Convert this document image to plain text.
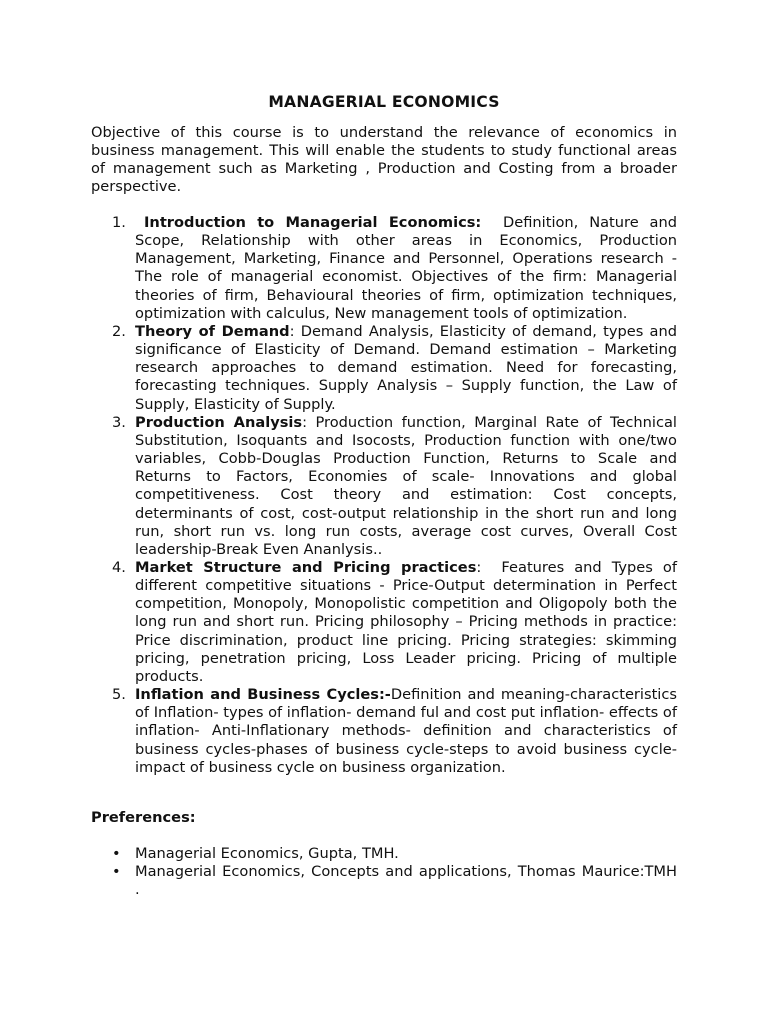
MANAGERIAL ECONOMICS
Objective of this course is to understand the relevance of economics in business management. This will enable the students to study functional areas of management such as Marketing , Production and Costing from a broader perspective.
1.	Introduction to Managerial Economics: Definition, Nature and Scope, Relationship with other areas in Economics, Production Management, Marketing, Finance and Personnel, Operations research - The role of managerial economist. Objectives of the firm: Managerial theories of firm, Behavioural theories of firm, optimization techniques, optimization with calculus, New management tools of optimization.
2. Theory of Demand: Demand Analysis, Elasticity of demand, types and significance of Elasticity of Demand. Demand estimation – Marketing research approaches to demand estimation. Need for forecasting, forecasting techniques. Supply Analysis – Supply function, the Law of Supply, Elasticity of Supply.
3. Production Analysis: Production function, Marginal Rate of Technical Substitution, Isoquants and Isocosts, Production function with one/two variables, Cobb-Douglas Production Function, Returns to Scale and Returns to Factors, Economies of scale- Innovations and global competitiveness. Cost theory and estimation: Cost concepts, determinants of cost, cost-output relationship in the short run and long run, short run vs. long run costs, average cost curves, Overall Cost leadership-Break Even Ananlysis..
4. Market Structure and Pricing practices: Features and Types of different competitive situations - Price-Output determination in Perfect competition, Monopoly, Monopolistic competition and Oligopoly both the long run and short run. Pricing philosophy – Pricing methods in practice: Price discrimination, product line pricing. Pricing strategies: skimming pricing, penetration pricing, Loss Leader pricing. Pricing of multiple products.
5. Inflation and Business Cycles:-Definition and meaning-characteristics of Inflation- types of inflation- demand ful and cost put inflation- effects of inflation- Anti-Inflationary methods- definition and characteristics of business cycles-phases of business cycle-steps to avoid business cycle-impact of business cycle on business organization.
Preferences:
• Managerial Economics, Gupta, TMH.
• Managerial Economics, Concepts and applications, Thomas Maurice:TMH .
